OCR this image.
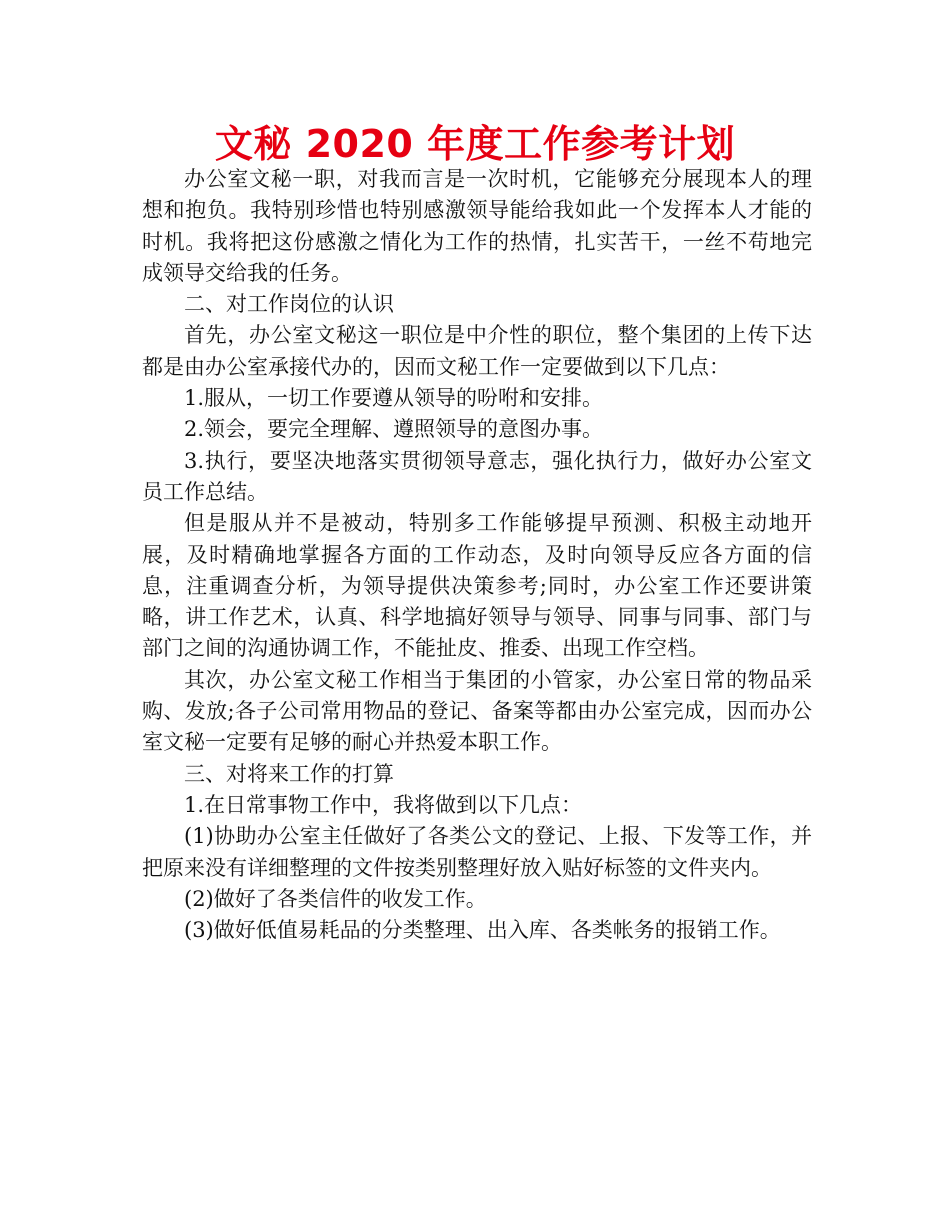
文秘 2020 年度工作参考计划

办公室文秘一职，对我而言是一次时机，它能够充分展现本人的理想和抱负。我特别珍惜也特别感激领导能给我如此一个发挥本人才能的时机。我将把这份感激之情化为工作的热情，扎实苦干，一丝不苟地完成领导交给我的任务。

二、对工作岗位的认识

首先，办公室文秘这一职位是中介性的职位，整个集团的上传下达都是由办公室承接代办的，因而文秘工作一定要做到以下几点：

1.服从，一切工作要遵从领导的吩咐和安排。

2.领会，要完全理解、遵照领导的意图办事。

3.执行，要坚决地落实贯彻领导意志，强化执行力，做好办公室文员工作总结。

但是服从并不是被动，特别多工作能够提早预测、积极主动地开展，及时精确地掌握各方面的工作动态，及时向领导反应各方面的信息，注重调查分析，为领导提供决策参考;同时，办公室工作还要讲策略，讲工作艺术，认真、科学地搞好领导与领导、同事与同事、部门与部门之间的沟通协调工作，不能扯皮、推委、出现工作空档。

其次，办公室文秘工作相当于集团的小管家，办公室日常的物品采购、发放;各子公司常用物品的登记、备案等都由办公室完成，因而办公室文秘一定要有足够的耐心并热爱本职工作。

三、对将来工作的打算

1.在日常事物工作中，我将做到以下几点：

(1)协助办公室主任做好了各类公文的登记、上报、下发等工作，并把原来没有详细整理的文件按类别整理好放入贴好标签的文件夹内。

(2)做好了各类信件的收发工作。

(3)做好低值易耗品的分类整理、出入库、各类帐务的报销工作。
